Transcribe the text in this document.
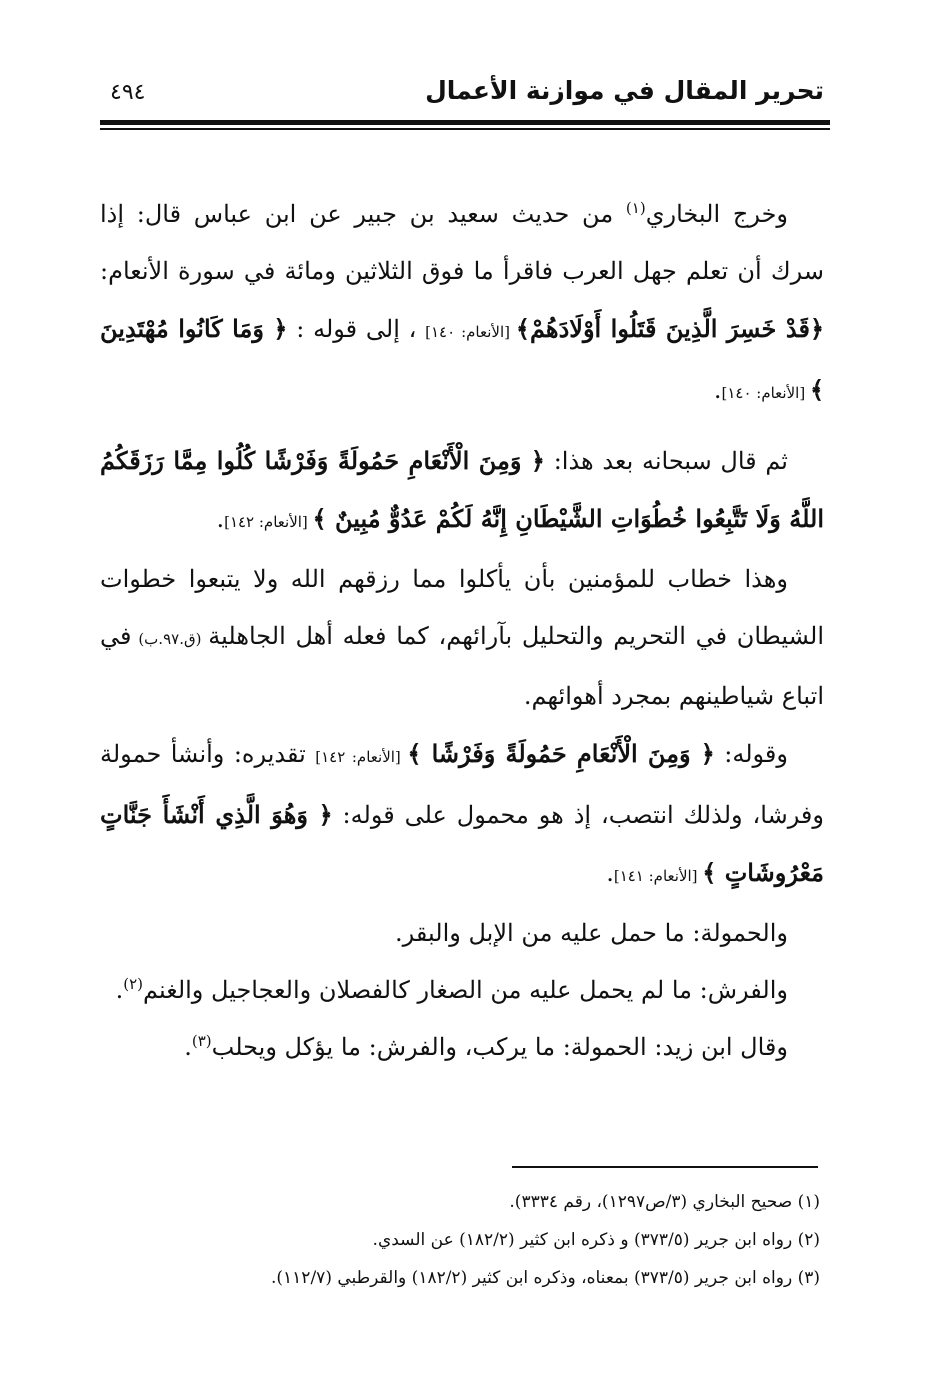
تحرير المقال في موازنة الأعمال
٤٩٤

وخرج البخاري$^{(١)}$ من حديث سعيد بن جبير عن ابن عباس قال: إذا سرك أن تعلم جهل العرب فاقرأ ما فوق الثلاثين ومائة في سورة الأنعام: ﴿قَدْ خَسِرَ الَّذِينَ قَتَلُوا أَوْلَادَهُمْ﴾ [الأنعام: ١٤٠] ، إلى قوله : ﴿ وَمَا كَانُوا مُهْتَدِينَ ﴾ [الأنعام: ١٤٠].

ثم قال سبحانه بعد هذا: ﴿ وَمِنَ الْأَنْعَامِ حَمُولَةً وَفَرْشًا كُلُوا مِمَّا رَزَقَكُمُ اللَّهُ وَلَا تَتَّبِعُوا خُطُوَاتِ الشَّيْطَانِ إِنَّهُ لَكُمْ عَدُوٌّ مُبِينٌ ﴾ [الأنعام: ١٤٢].

وهذا خطاب للمؤمنين بأن يأكلوا مما رزقهم الله ولا يتبعوا خطوات الشيطان في التحريم والتحليل بآرائهم، كما فعله أهل الجاهلية (ق.٩٧.ب) في اتباع شياطينهم بمجرد أهوائهم.

وقوله: ﴿ وَمِنَ الْأَنْعَامِ حَمُولَةً وَفَرْشًا ﴾ [الأنعام: ١٤٢] تقديره: وأنشأ حمولة وفرشا، ولذلك انتصب، إذ هو محمول على قوله: ﴿ وَهُوَ الَّذِي أَنْشَأَ جَنَّاتٍ مَعْرُوشَاتٍ ﴾ [الأنعام: ١٤١].

والحمولة: ما حمل عليه من الإبل والبقر.

والفرش: ما لم يحمل عليه من الصغار كالفصلان والعجاجيل والغنم$^{(٢)}$.

وقال ابن زيد: الحمولة: ما يركب، والفرش: ما يؤكل ويحلب$^{(٣)}$.

(١) صحيح البخاري (٣/ص١٢٩٧)، رقم ٣٣٣٤).

(٢) رواه ابن جرير (٣٧٣/٥) و ذكره ابن كثير (١٨٢/٢) عن السدي.

(٣) رواه ابن جرير (٣٧٣/٥) بمعناه، وذكره ابن كثير (١٨٢/٢) والقرطبي (١١٢/٧).
